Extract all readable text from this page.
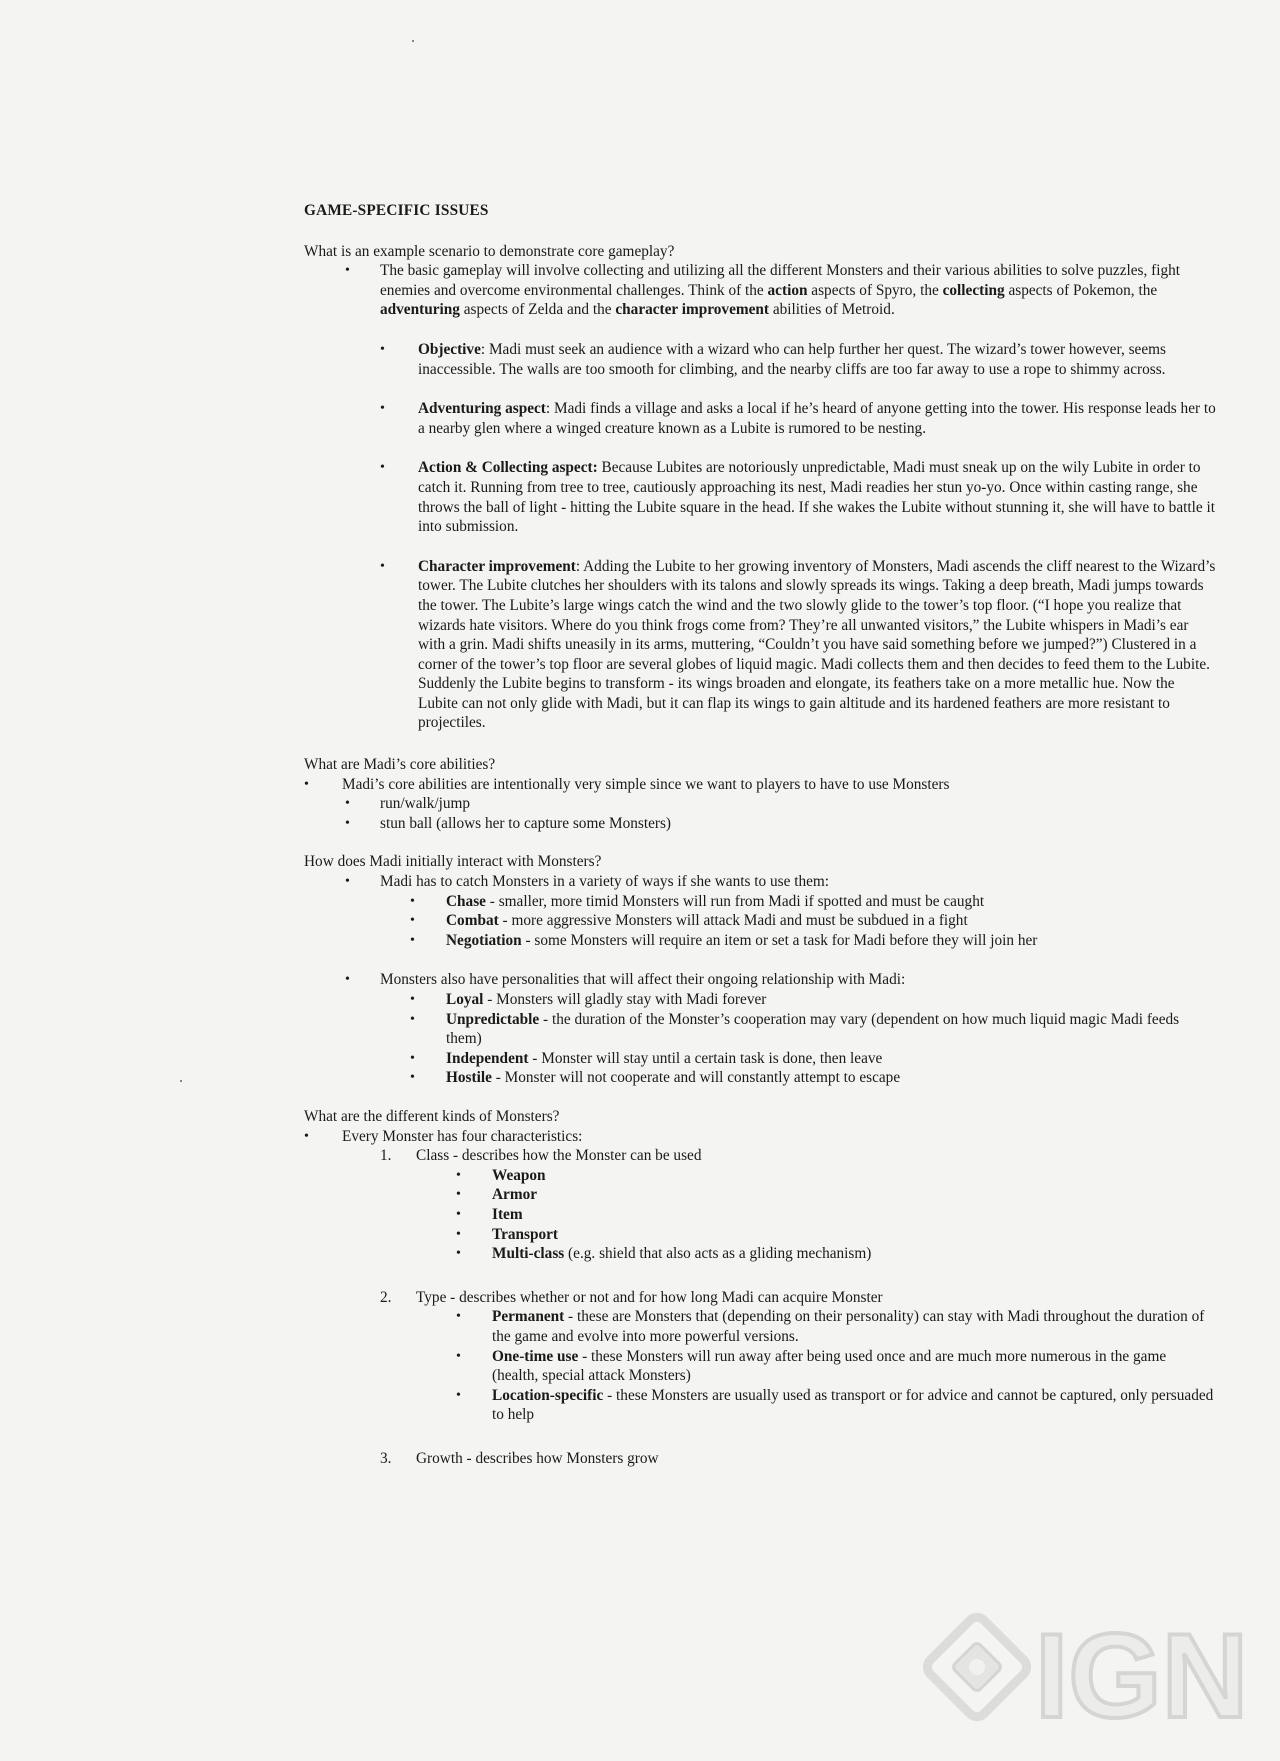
GAME-SPECIFIC ISSUES

What is an example scenario to demonstrate core gameplay?

• The basic gameplay will involve collecting and utilizing all the different Monsters and their various abilities to solve puzzles, fight enemies and overcome environmental challenges. Think of the action aspects of Spyro, the collecting aspects of Pokemon, the adventuring aspects of Zelda and the character improvement abilities of Metroid.
• Objective: Madi must seek an audience with a wizard who can help further her quest. The wizard’s tower however, seems inaccessible. The walls are too smooth for climbing, and the nearby cliffs are too far away to use a rope to shimmy across.
• Adventuring aspect: Madi finds a village and asks a local if he’s heard of anyone getting into the tower. His response leads her to a nearby glen where a winged creature known as a Lubite is rumored to be nesting.
• Action & Collecting aspect: Because Lubites are notoriously unpredictable, Madi must sneak up on the wily Lubite in order to catch it. Running from tree to tree, cautiously approaching its nest, Madi readies her stun yo-yo. Once within casting range, she throws the ball of light - hitting the Lubite square in the head. If she wakes the Lubite without stunning it, she will have to battle it into submission.
• Character improvement: Adding the Lubite to her growing inventory of Monsters, Madi ascends the cliff nearest to the Wizard’s tower. The Lubite clutches her shoulders with its talons and slowly spreads its wings. Taking a deep breath, Madi jumps towards the tower. The Lubite’s large wings catch the wind and the two slowly glide to the tower’s top floor. (“I hope you realize that wizards hate visitors. Where do you think frogs come from? They’re all unwanted visitors,” the Lubite whispers in Madi’s ear with a grin. Madi shifts uneasily in its arms, muttering, “Couldn’t you have said something before we jumped?”) Clustered in a corner of the tower’s top floor are several globes of liquid magic. Madi collects them and then decides to feed them to the Lubite. Suddenly the Lubite begins to transform - its wings broaden and elongate, its feathers take on a more metallic hue. Now the Lubite can not only glide with Madi, but it can flap its wings to gain altitude and its hardened feathers are more resistant to projectiles.

What are Madi’s core abilities?

• Madi’s core abilities are intentionally very simple since we want to players to have to use Monsters
• run/walk/jump
• stun ball (allows her to capture some Monsters)

How does Madi initially interact with Monsters?

• Madi has to catch Monsters in a variety of ways if she wants to use them:
• Chase - smaller, more timid Monsters will run from Madi if spotted and must be caught
• Combat - more aggressive Monsters will attack Madi and must be subdued in a fight
• Negotiation - some Monsters will require an item or set a task for Madi before they will join her
• Monsters also have personalities that will affect their ongoing relationship with Madi:
• Loyal - Monsters will gladly stay with Madi forever
• Unpredictable - the duration of the Monster’s cooperation may vary (dependent on how much liquid magic Madi feeds them)
• Independent - Monster will stay until a certain task is done, then leave
• Hostile - Monster will not cooperate and will constantly attempt to escape

What are the different kinds of Monsters?

• Every Monster has four characteristics:
1. Class - describes how the Monster can be used
• Weapon
• Armor
• Item
• Transport
• Multi-class (e.g. shield that also acts as a gliding mechanism)
2. Type - describes whether or not and for how long Madi can acquire Monster
• Permanent - these are Monsters that (depending on their personality) can stay with Madi throughout the duration of the game and evolve into more powerful versions.
• One-time use - these Monsters will run away after being used once and are much more numerous in the game (health, special attack Monsters)
• Location-specific - these Monsters are usually used as transport or for advice and cannot be captured, only persuaded to help
3. Growth - describes how Monsters grow
IGN
